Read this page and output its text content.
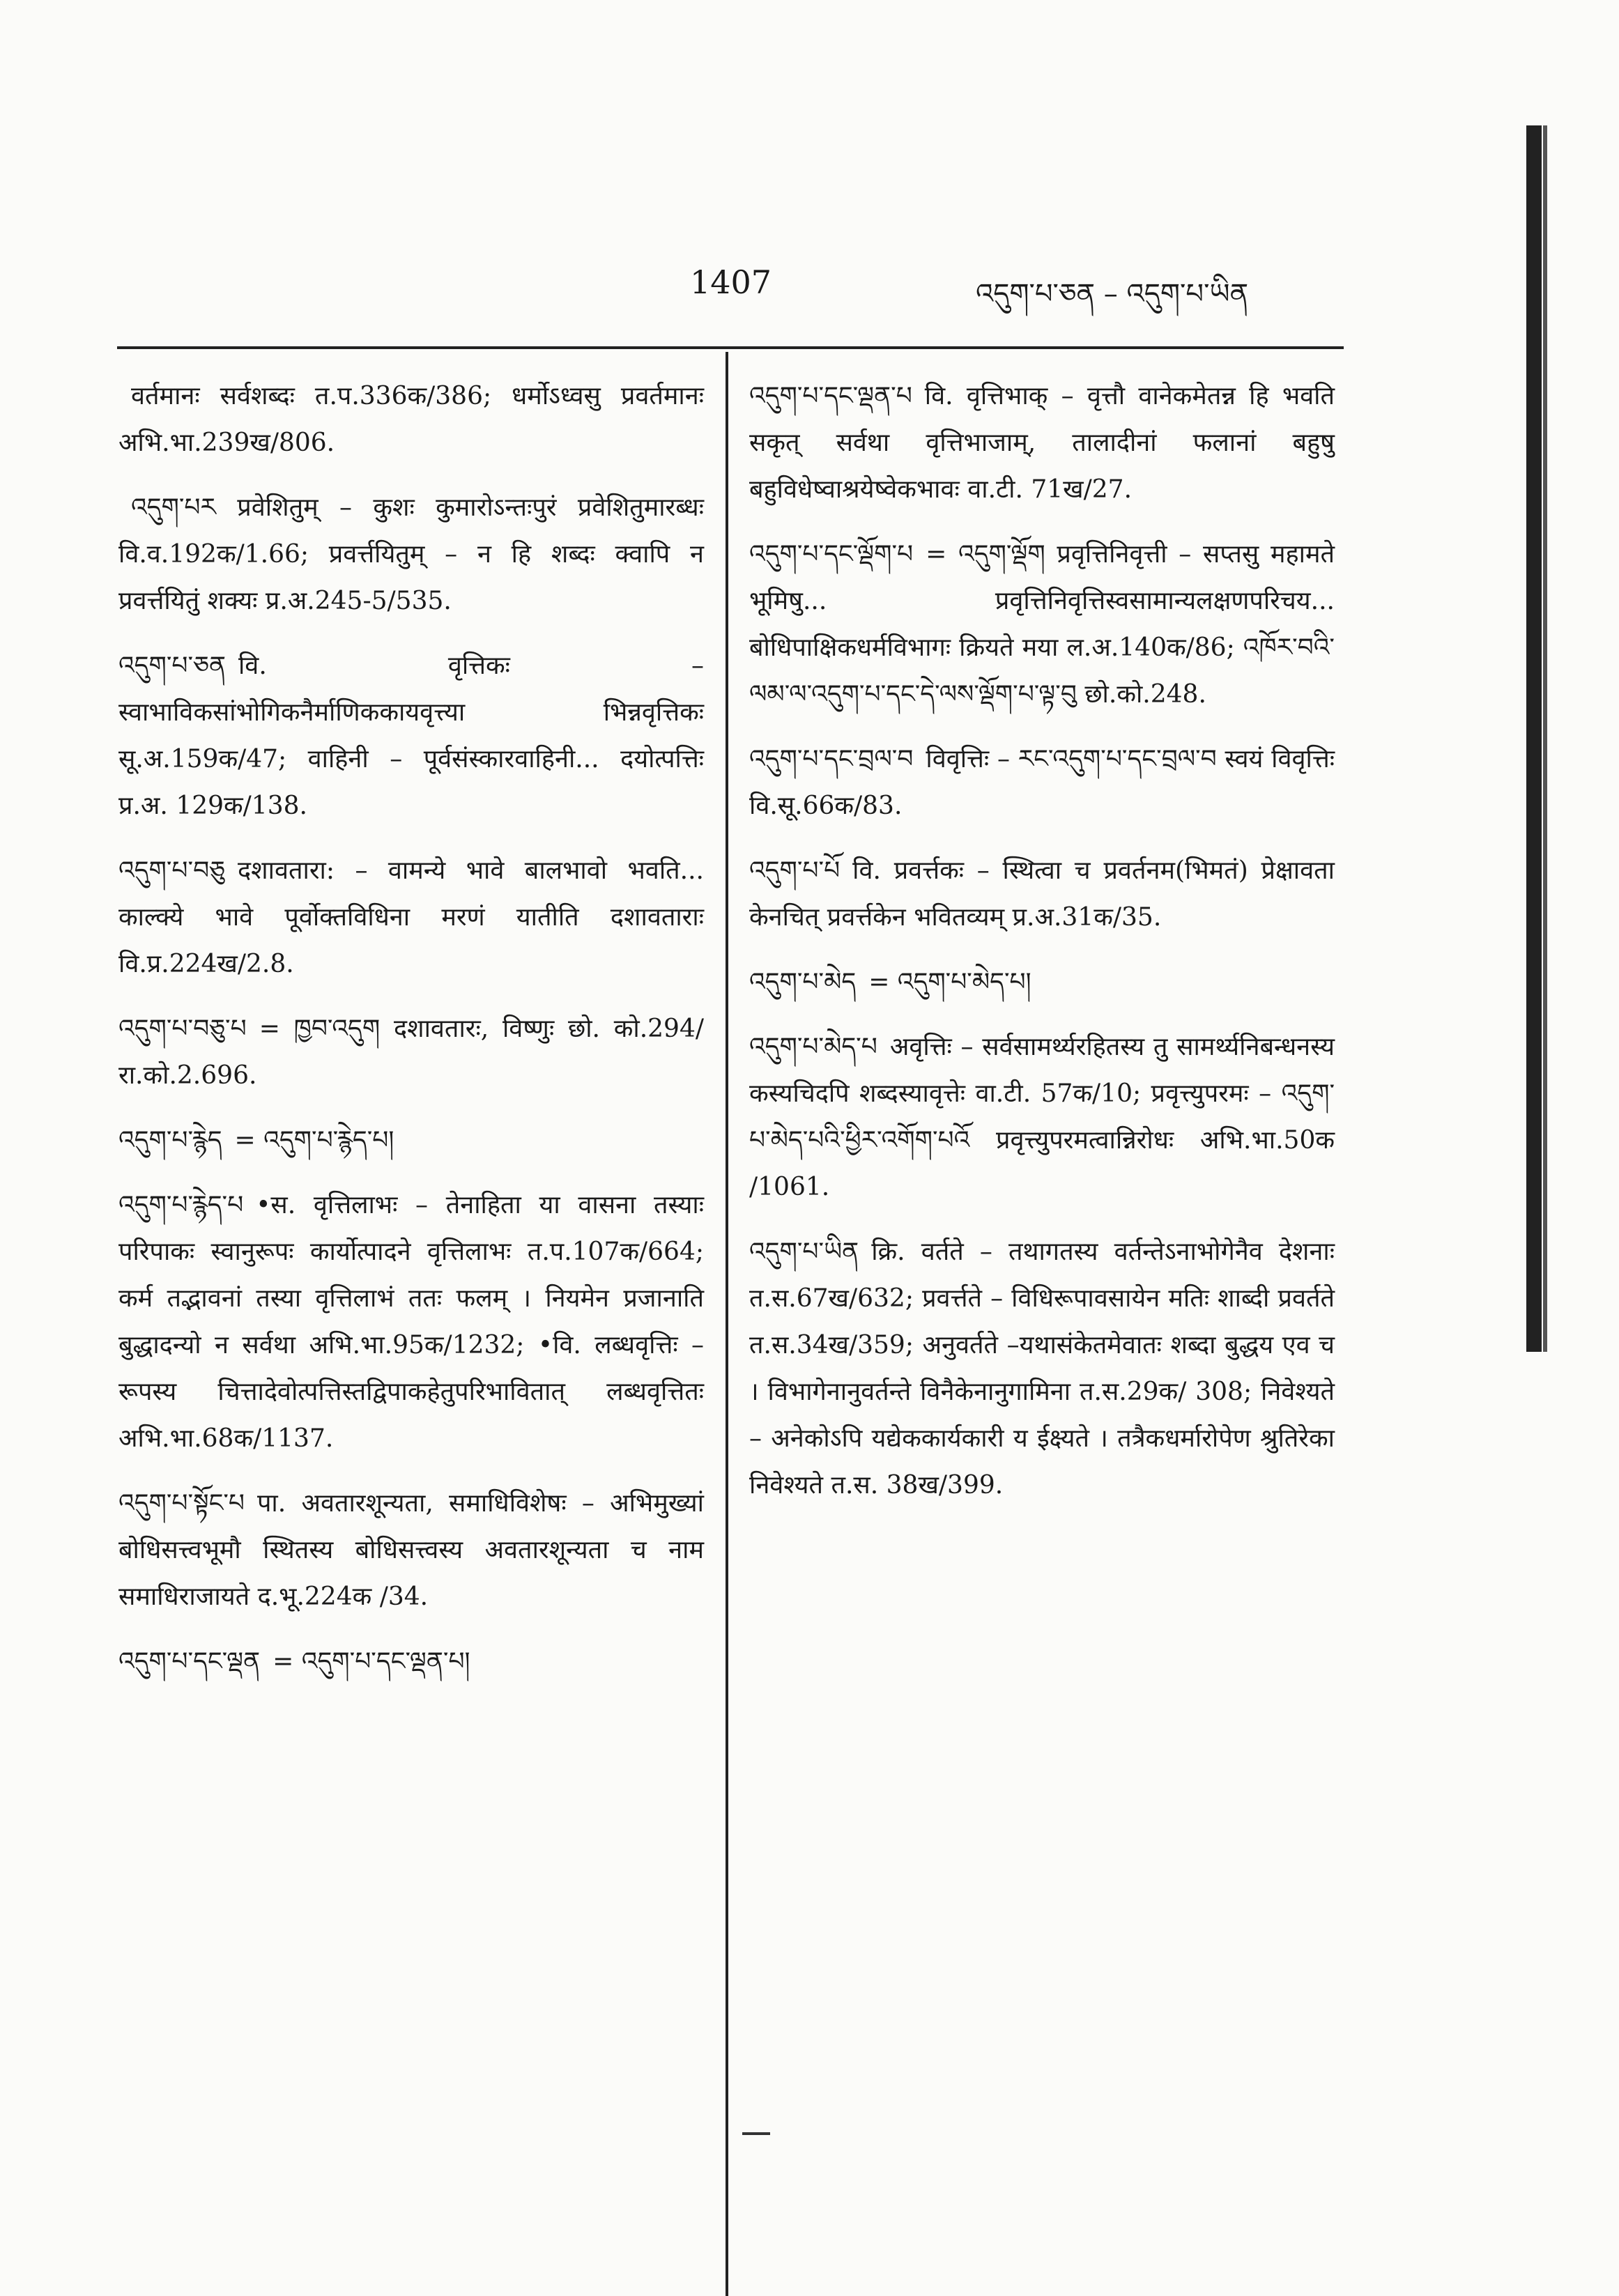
1407	འདུག་པ་ཅན – འདུག་པ་ཡིན
वर्तमानः सर्वशब्दः त.प.336क/386; धर्मोऽध्वसु प्रवर्तमानः अभि.भा.239ख/806.
འདུག་པར प्रवेशितुम् – कुशः कुमारोऽन्तःपुरं प्रवेशितुमारब्धः वि.व.192क/1.66; प्रवर्त्तयितुम् – न हि शब्दः क्वापि न प्रवर्त्तयितुं शक्यः प्र.अ.245-5/535.
འདུག་པ་ཅན वि. वृत्तिकः – स्वाभाविकसांभोगिकनैर्माणिककायवृत्त्या भिन्नवृत्तिकः सू.अ.159क/47; वाहिनी – पूर्वसंस्कारवाहिनी... दयोत्पत्तिः प्र.अ. 129क/138.
འདུག་པ་བཅུ दशावतारा: – वामन्ये भावे बालभावो भवति... काल्क्ये भावे पूर्वोक्तविधिना मरणं यातीति दशावताराः वि.प्र.224ख/2.8.
འདུག་པ་བཅུ་པ = ཁྱབ་འདུག दशावतारः, विष्णुः छो. को.294/रा.को.2.696.
འདུག་པ་རྙེད = འདུག་པ་རྙེད་པ།
འདུག་པ་རྙེད་པ •स. वृत्तिलाभः – तेनाहिता या वासना तस्याः परिपाकः स्वानुरूपः कार्योत्पादने वृत्तिलाभः त.प.107क/664; कर्म तद्भावनां तस्या वृत्तिलाभं ततः फलम् । नियमेन प्रजानाति बुद्धादन्यो न सर्वथा अभि.भा.95क/1232; •वि. लब्धवृत्तिः – रूपस्य चित्तादेवोत्पत्तिस्तद्विपाकहेतुपरिभावितात् लब्धवृत्तितः अभि.भा.68क/1137.
འདུག་པ་སྟོང་པ पा. अवतारशून्यता, समाधिविशेषः – अभिमुख्यां बोधिसत्त्वभूमौ स्थितस्य बोधिसत्त्वस्य अवतारशून्यता च नाम समाधिराजायते द.भू.224क /34.
འདུག་པ་དང་ལྡན = འདུག་པ་དང་ལྡན་པ།
འདུག་པ་དང་ལྡན་པ वि. वृत्तिभाक् – वृत्तौ वानेकमेतन्न हि भवति सकृत् सर्वथा वृत्तिभाजाम्, तालादीनां फलानां बहुषु बहुविधेष्वाश्रयेष्वेकभावः वा.टी. 71ख/27.
འདུག་པ་དང་ལྡོག་པ = འདུག་ལྡོག प्रवृत्तिनिवृत्ती – सप्तसु महामते भूमिषु... प्रवृत्तिनिवृत्तिस्वसामान्यलक्षणपरिचय... बोधिपाक्षिकधर्मविभागः क्रियते मया ल.अ.140क/86; འཁོར་བའི་ལམ་ལ་འདུག་པ་དང་དེ་ལས་ལྡོག་པ་ལྟ་བུ छो.को.248.
འདུག་པ་དང་བྲལ་བ विवृत्तिः – རང་འདུག་པ་དང་བྲལ་བ स्वयं विवृत्तिः वि.सू.66क/83.
འདུག་པ་པོ वि. प्रवर्त्तकः – स्थित्वा च प्रवर्तनम(भिमतं) प्रेक्षावता केनचित् प्रवर्त्तकेन भवितव्यम् प्र.अ.31क/35.
འདུག་པ་མེད = འདུག་པ་མེད་པ།
འདུག་པ་མེད་པ अवृत्तिः – सर्वसामर्थ्यरहितस्य तु सामर्थ्यनिबन्धनस्य कस्यचिदपि शब्दस्यावृत्तेः वा.टी. 57क/10; प्रवृत्त्युपरमः – འདུག་པ་མེད་པའི་ཕྱིར་འགོག་པའོ प्रवृत्त्युपरमत्वान्निरोधः अभि.भा.50क /1061.
འདུག་པ་ཡིན क्रि. वर्तते – तथागतस्य वर्तन्तेऽनाभोगेनैव देशनाः त.स.67ख/632; प्रवर्त्तते – विधिरूपावसायेन मतिः शाब्दी प्रवर्तते त.स.34ख/359; अनुवर्तते –यथासंकेतमेवातः शब्दा बुद्धय एव च । विभागेनानुवर्तन्ते विनैकेनानुगामिना त.स.29क/ 308; निवेश्यते – अनेकोऽपि यद्येककार्यकारी य ईक्ष्यते । तत्रैकधर्मारोपेण श्रुतिरेका निवेश्यते त.स. 38ख/399.
